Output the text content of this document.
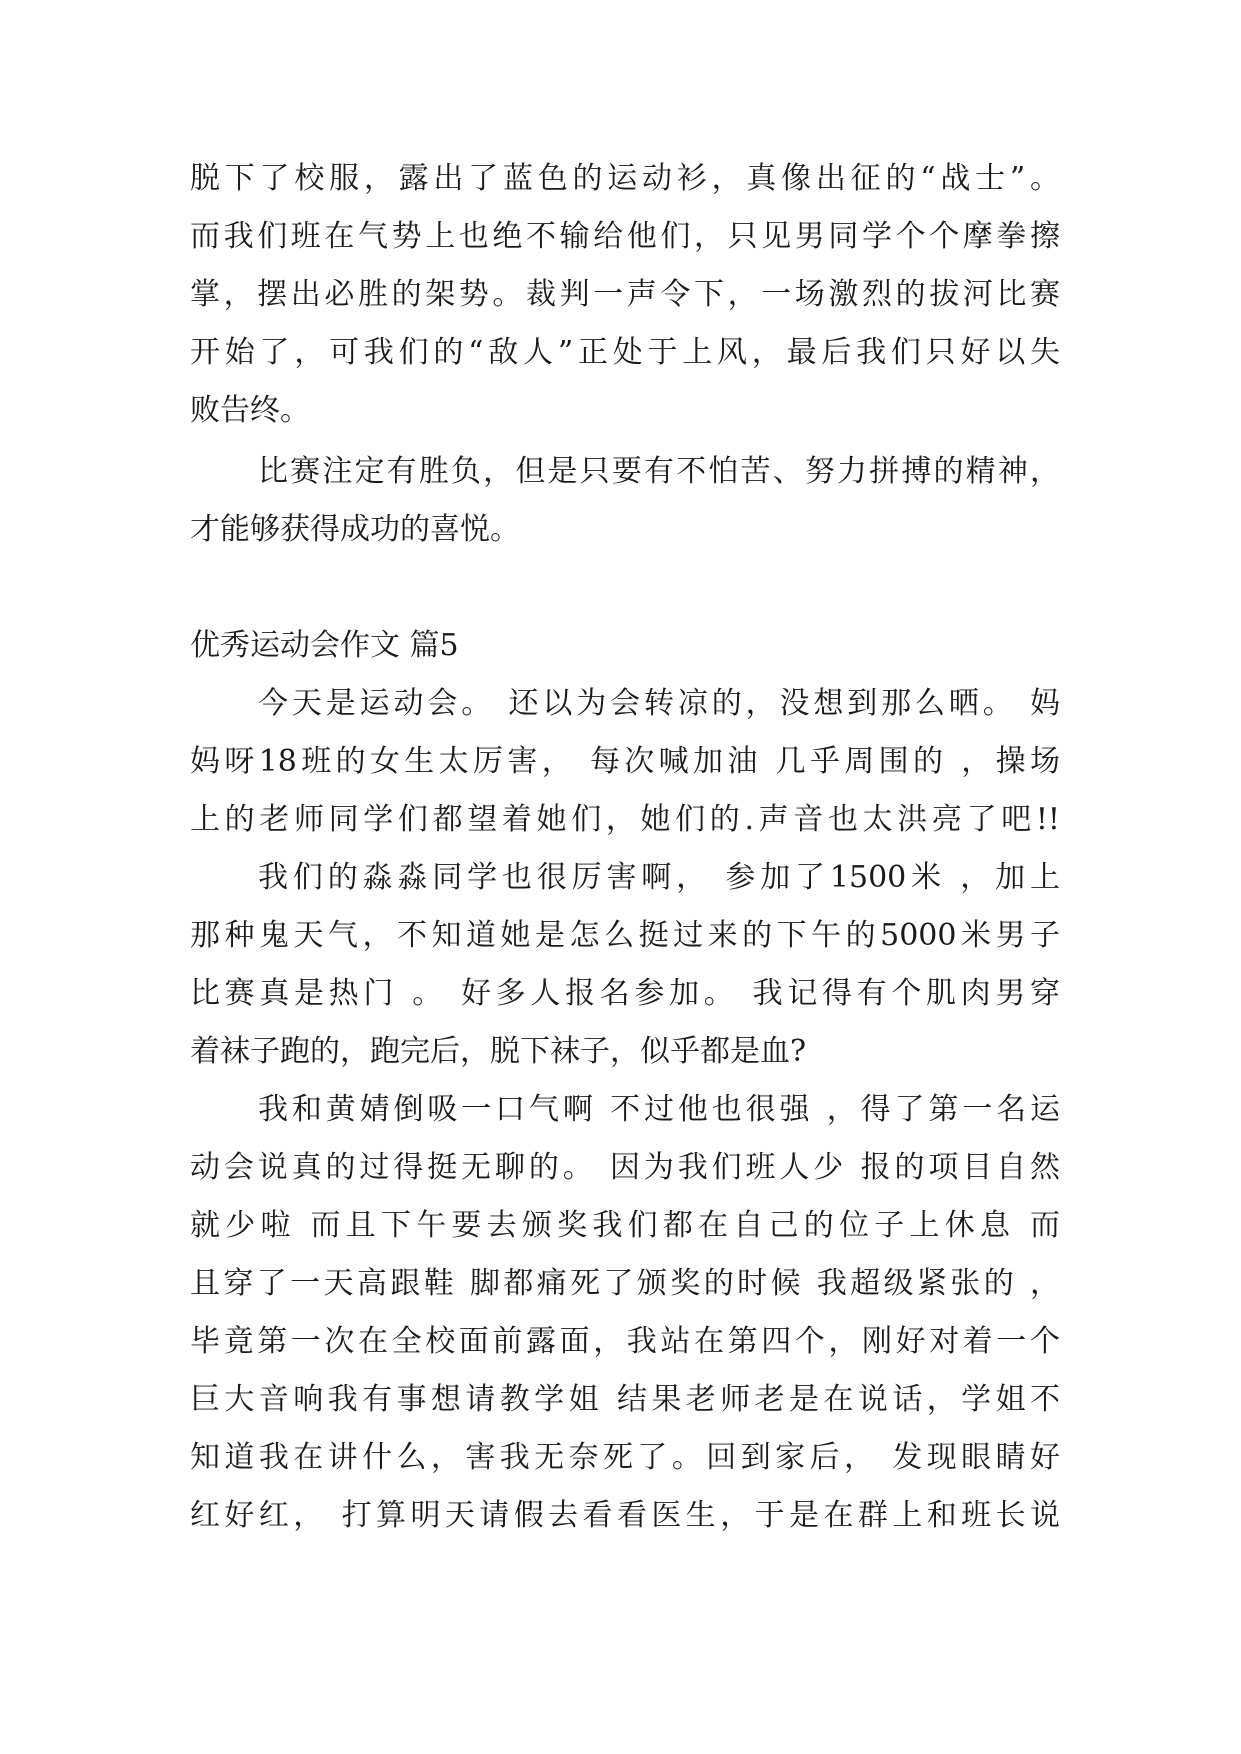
脱下了校服，露出了蓝色的运动衫，真像出征的“战士”。
而我们班在气势上也绝不输给他们，只见男同学个个摩拳擦
掌，摆出必胜的架势。裁判一声令下，一场激烈的拔河比赛
开始了，可我们的“敌人”正处于上风，最后我们只好以失
败告终。
比赛注定有胜负，但是只要有不怕苦、努力拼搏的精神，
才能够获得成功的喜悦。
优秀运动会作文 篇5
今天是运动会。 还以为会转凉的，没想到那么晒。 妈
妈呀18班的女生太厉害， 每次喊加油 几乎周围的 ，操场
上的老师同学们都望着她们，她们的.声音也太洪亮了吧!!
我们的淼淼同学也很厉害啊， 参加了1500米 ，加上
那种鬼天气，不知道她是怎么挺过来的下午的5000米男子
比赛真是热门 。 好多人报名参加。 我记得有个肌肉男穿
着袜子跑的，跑完后，脱下袜子，似乎都是血?
我和黄婧倒吸一口气啊 不过他也很强 ，得了第一名运
动会说真的过得挺无聊的。 因为我们班人少 报的项目自然
就少啦 而且下午要去颁奖我们都在自己的位子上休息 而
且穿了一天高跟鞋 脚都痛死了颁奖的时候 我超级紧张的 ，
毕竟第一次在全校面前露面，我站在第四个，刚好对着一个
巨大音响我有事想请教学姐 结果老师老是在说话，学姐不
知道我在讲什么，害我无奈死了。回到家后， 发现眼睛好
红好红， 打算明天请假去看看医生，于是在群上和班长说
